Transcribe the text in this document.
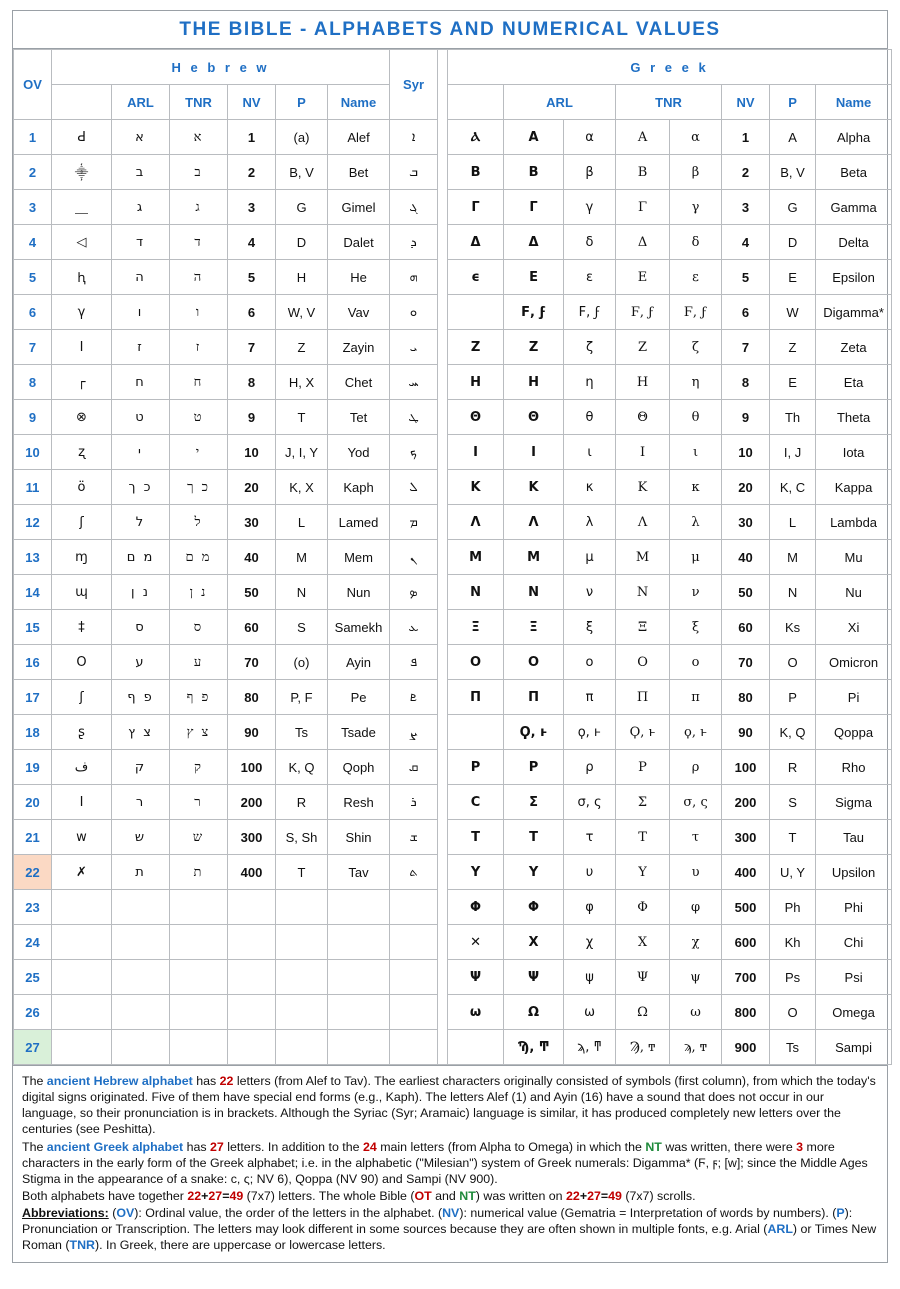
THE BIBLE - ALPHABETS AND NUMERICAL VALUES
OV	H e b r e w						Syr		G r e e k							
		ARL	TNR	NV	P	Name				ARL		TNR		NV	P	Name
1	Ԁ	א	א	1	(a)	Alef	ܐ		Ⲁ	Α	α	Α	α	1	A	Alpha
2	⸎	ב	ב	2	B, V	Bet	ܒ		Β	Β	β	Β	β	2	B, V	Beta
3	⸏	ג	ג	3	G	Gimel	ܓ		Γ	Γ	γ	Γ	γ	3	G	Gamma
4	◁	ד	ד	4	D	Dalet	ܕ		Δ	Δ	δ	Δ	δ	4	D	Delta
5	ԧ	ה	ה	5	H	He	ܗ		ϵ	Ε	ε	Ε	ε	5	E	Epsilon
6	γ	ו	ו	6	W, V	Vav	ܘ			Ϝ, ϝ	Ϝ, ϝ	Ϝ, ϝ	Ϝ, ϝ	6	W	Digamma*
7	I	ז	ז	7	Z	Zayin	ܝ		Ζ	Ζ	ζ	Ζ	ζ	7	Z	Zeta
8	┌	ח	ח	8	H, X	Chet	ܚ		Η	Η	η	Η	η	8	E	Eta
9	⊗	ט	ט	9	T	Tet	ܛ		Θ	Θ	θ	Θ	θ	9	Th	Theta
10	ʐ	י	י	10	J, I, Y	Yod	ܟ		Ι	Ι	ι	Ι	ι	10	I, J	Iota
11	ӧ	כ ך	כ ך	20	K, X	Kaph	ܠ		Κ	Κ	κ	Κ	κ	20	K, C	Kappa
12	ʃ	ל	ל	30	L	Lamed	ܡ		Λ	Λ	λ	Λ	λ	30	L	Lambda
13	ɱ	מ ם	מ ם	40	M	Mem	ܢ		Μ	Μ	μ	Μ	μ	40	M	Mu
14	ɰ	נ ן	נ ן	50	N	Nun	ܤ		Ν	Ν	ν	Ν	ν	50	N	Nu
15	‡	ס	ס	60	S	Samekh	ܥ		Ξ	Ξ	ξ	Ξ	ξ	60	Ks	Xi
16	O	ע	ע	70	(o)	Ayin	ܦ		Ο	Ο	ο	Ο	ο	70	O	Omicron
17	ʃ	פ ף	פ ף	80	P, F	Pe	ܧ		Π	Π	π	Π	π	80	P	Pi
18	ʂ	צ ץ	צ ץ	90	Ts	Tsade	ܨ			Ϙ, ͱ	ϙ, ͱ	Ϙ, ͱ	ϙ, ͱ	90	K, Q	Qoppa
19	ف	ק	ק	100	K, Q	Qoph	ܩ		Ρ	Ρ	ρ	Ρ	ρ	100	R	Rho
20	Ӏ	ר	ר	200	R	Resh	ܪ		Ϲ	Σ	σ, ς	Σ	σ, ς	200	S	Sigma
21	ᴡ	ש	ש	300	S, Sh	Shin	ܫ		Τ	Τ	τ	Τ	τ	300	T	Tau
22	✗	ת	ת	400	T	Tav	ܬ		Υ	Υ	υ	Υ	υ	400	U, Y	Upsilon
23									Φ	Φ	φ	Φ	φ	500	Ph	Phi
24									✕	Χ	χ	Χ	χ	600	Kh	Chi
25									Ψ	Ψ	ψ	Ψ	ψ	700	Ps	Psi
26									ω	Ω	ω	Ω	ω	800	O	Omega
27										Ϡ, ͳ	ϡ, ͳ	Ϡ, ͳ	ϡ, ͳ	900	Ts	Sampi

The ancient Hebrew alphabet has 22 letters (from Alef to Tav). The earliest characters originally consisted of symbols (first column), from which the today's digital signs originated. Five of them have special end forms (e.g., Kaph). The letters Alef (1) and Ayin (16) have a sound that does not occur in our language, so their pronunciation is in brackets. Although the Syriac (Syr; Aramaic) language is similar, it has produced completely new letters over the centuries (see Peshitta).

The ancient Greek alphabet has 27 letters. In addition to the 24 main letters (from Alpha to Omega) in which the NT was written, there were 3 more characters in the early form of the Greek alphabet; i.e. in the alphabetic ("Milesian") system of Greek numerals: Digamma* (Ϝ, ϝ; [w]; since the Middle Ages Stigma in the appearance of a snake: ϲ, ς; NV 6), Qoppa (NV 90) and Sampi (NV 900).

Both alphabets have together 22+27=49 (7x7) letters. The whole Bible (OT and NT) was written on 22+27=49 (7x7) scrolls.

Abbreviations: (OV): Ordinal value, the order of the letters in the alphabet. (NV): numerical value (Gematria = Interpretation of words by numbers). (P): Pronunciation or Transcription. The letters may look different in some sources because they are often shown in multiple fonts, e.g. Arial (ARL) or Times New Roman (TNR). In Greek, there are uppercase or lowercase letters.
